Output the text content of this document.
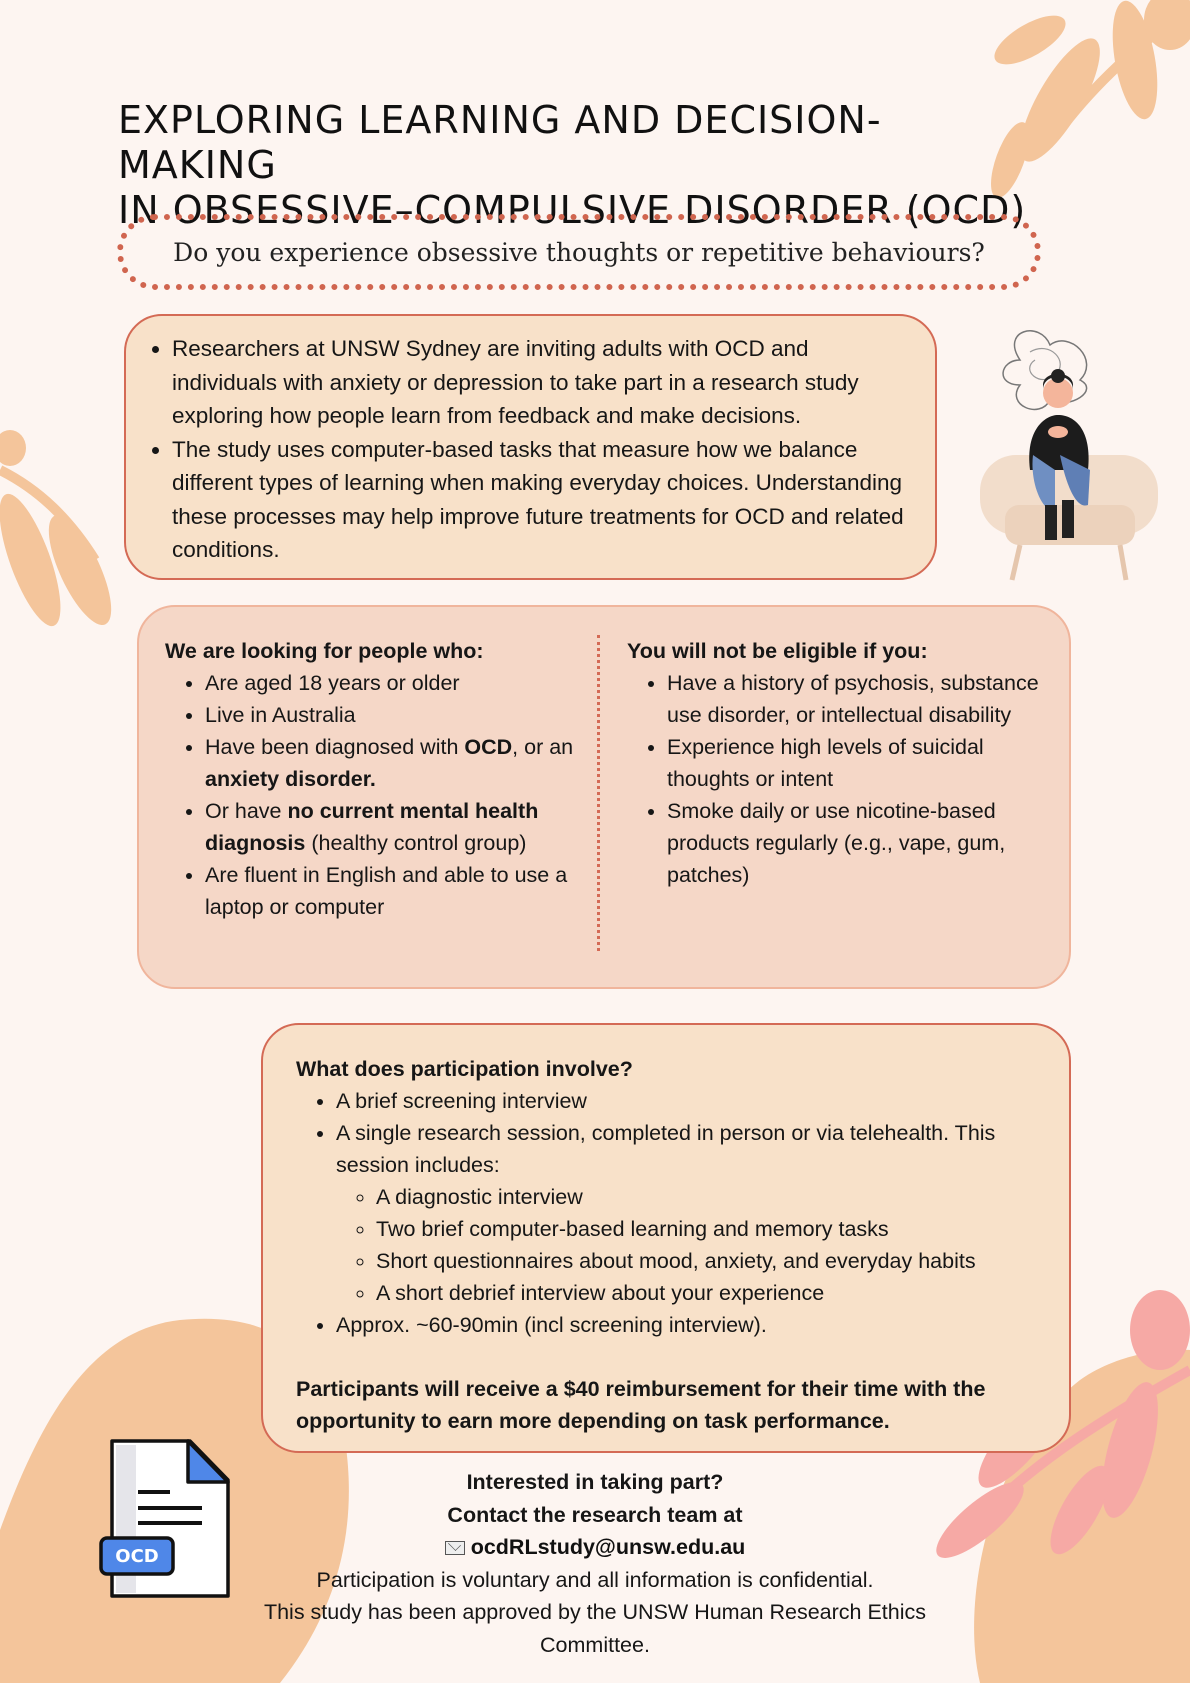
OCD
EXPLORING LEARNING AND DECISION-MAKING
IN OBSESSIVE–COMPULSIVE DISORDER (OCD)
Do you experience obsessive thoughts or repetitive behaviours?
• Researchers at UNSW Sydney are inviting adults with OCD and individuals with anxiety or depression to take part in a research study exploring how people learn from feedback and make decisions.
• The study uses computer-based tasks that measure how we balance different types of learning when making everyday choices. Understanding these processes may help improve future treatments for OCD and related conditions.
We are looking for people who:
• Are aged 18 years or older
• Live in Australia
• Have been diagnosed with OCD, or an anxiety disorder.
• Or have no current mental health diagnosis (healthy control group)
• Are fluent in English and able to use a laptop or computer
You will not be eligible if you:
• Have a history of psychosis, substance use disorder, or intellectual disability
• Experience high levels of suicidal thoughts or intent
• Smoke daily or use nicotine-based products regularly (e.g., vape, gum, patches)
What does participation involve?
• A brief screening interview
• A single research session, completed in person or via telehealth. This session includes:
◦ A diagnostic interview
◦ Two brief computer-based learning and memory tasks
◦ Short questionnaires about mood, anxiety, and everyday habits
◦ A short debrief interview about your experience
• Approx. ~60-90min (incl screening interview).
Participants will receive a $40 reimbursement for their time with the opportunity to earn more depending on task performance.
Interested in taking part?
Contact the research team at
ocdRLstudy@unsw.edu.au
Participation is voluntary and all information is confidential.
This study has been approved by the UNSW Human Research Ethics Committee.
